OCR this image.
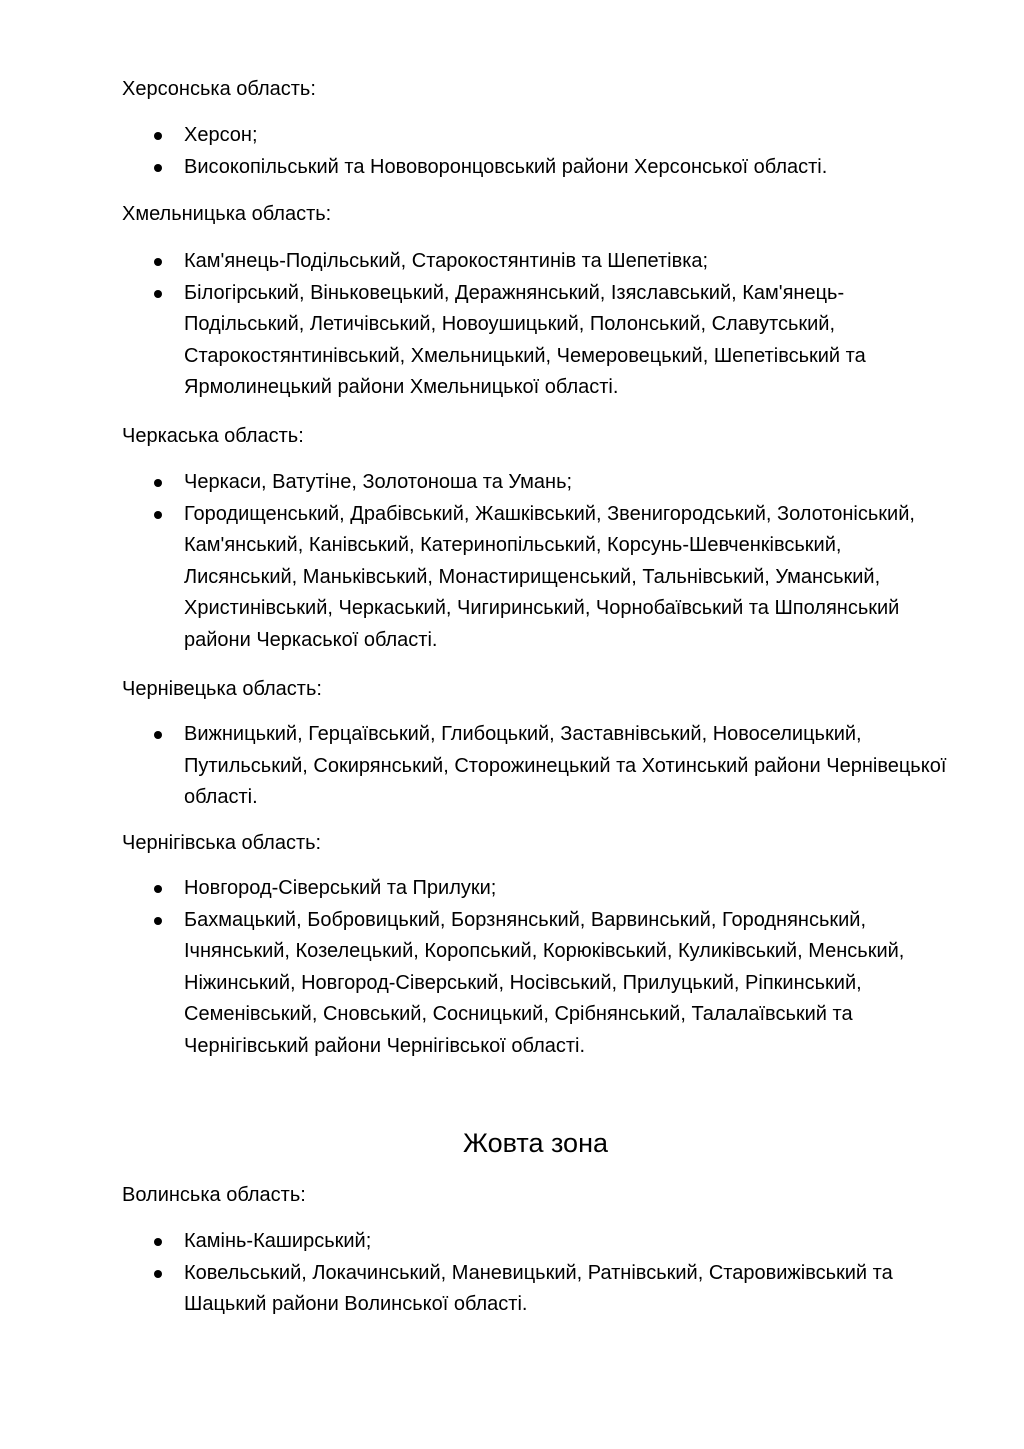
Херсонська область:

Херсон;
Високопільський та Нововоронцовський райони Херсонської області.

Хмельницька область:

Кам'янець-Подільський, Старокостянтинів та Шепетівка;
Білогірський, Віньковецький, Деражнянський, Ізяславський, Кам'янець-Подільський, Летичівський, Новоушицький, Полонський, Славутський, Старокостянтинівський, Хмельницький, Чемеровецький, Шепетівський та Ярмолинецький райони Хмельницької області.

Черкаська область:

Черкаси, Ватутіне, Золотоноша та Умань;
Городищенський, Драбівський, Жашківський, Звенигородський, Золотоніський, Кам'янський, Канівський, Катеринопільський, Корсунь-Шевченківський, Лисянський, Маньківський, Монастирищенський, Тальнівський, Уманський, Христинівський, Черкаський, Чигиринський, Чорнобаївський та Шполянський райони Черкаської області.

Чернівецька область:

Вижницький, Герцаївський, Глибоцький, Заставнівський, Новоселицький, Путильський, Сокирянський, Сторожинецький та Хотинський райони Чернівецької області.

Чернігівська область:

Новгород-Сіверський та Прилуки;
Бахмацький, Бобровицький, Борзнянський, Варвинський, Городнянський, Ічнянський, Козелецький, Коропський, Корюківський, Куликівський, Менський, Ніжинський, Новгород-Сіверський, Носівський, Прилуцький, Ріпкинський, Семенівський, Сновський, Сосницький, Срібнянський, Талалаївський та Чернігівський райони Чернігівської області.
Жовта зона

Волинська область:

Камінь-Каширський;
Ковельський, Локачинський, Маневицький, Ратнівський, Старовижівський та Шацький райони Волинської області.
